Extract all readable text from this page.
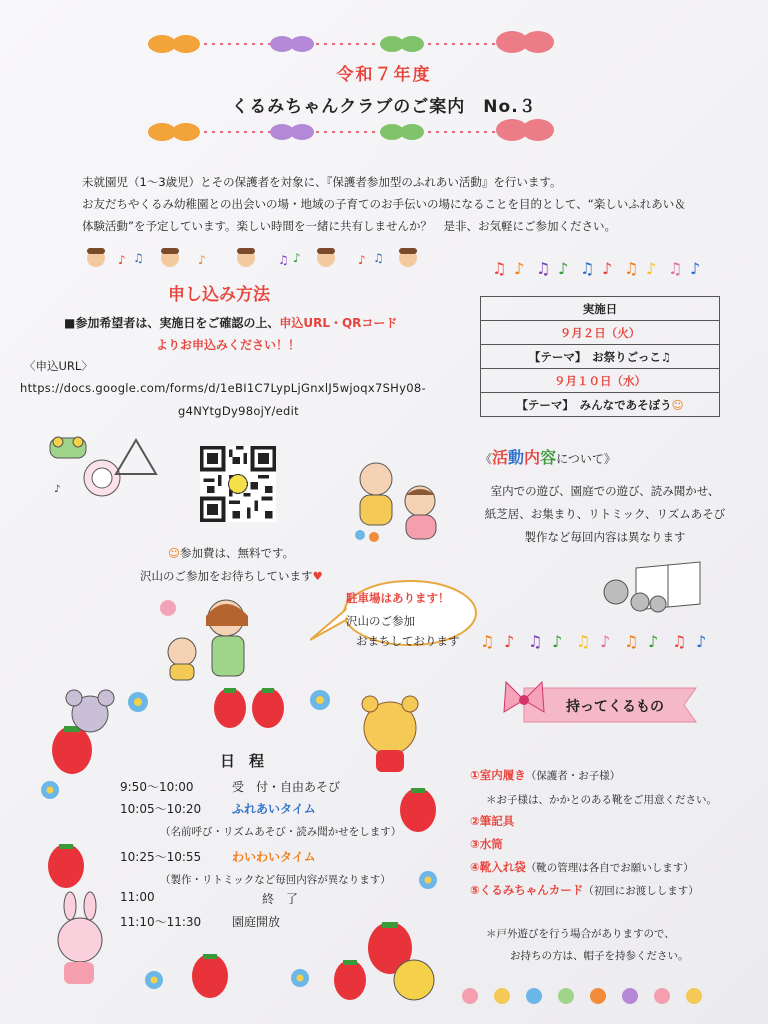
令和７年度
くるみちゃんクラブのご案内　No.３
未就園児（1～3歳児）とその保護者を対象に、『保護者参加型のふれあい活動』を行います。
お友だちやくるみ幼稚園との出会いの場・地域の子育てのお手伝いの場になることを目的として、“楽しいふれあい＆
体験活動”を予定しています。楽しい時間を一緒に共有しませんか？　是非、お気軽にご参加ください。
♪ ♫	♪	♫ ♪	♪ ♫
申し込み方法
■参加希望者は、実施日をご確認の上、申込URL・QRコード
よりお申込みください！！
〈申込URL〉
https://docs.google.com/forms/d/1eBI1C7LypLjGnxlJ5wjoqx7SHy08-
g4NYtgDy98ojY/edit
♪
☺参加費は、無料です。
沢山のご参加をお待ちしています♥
駐車場はあります！
沢山のご参加
おまちしております
♫ ♪ ♫ ♪ ♫ ♪ ♫ ♪ ♫ ♪
実施日
９月２日（火）
【テーマ】　お祭りごっこ♫
９月１０日（水）
【テーマ】　みんなであそぼう☺
《活動内容について》
室内での遊び、園庭での遊び、読み聞かせ、
紙芝居、お集まり、リトミック、リズムあそび
製作など毎回内容は異なります
♫ ♪ ♫ ♪ ♫ ♪ ♫ ♪ ♫ ♪
持ってくるもの
①室内履き（保護者・お子様）
②筆記具
③水筒
④靴入れ袋（靴の管理は各自でお願いします）
⑤くるみちゃんカード（初回にお渡しします）
＊お子様は、かかとのある靴をご用意ください。
＊戸外遊びを行う場合がありますので、
お持ちの方は、帽子を持参ください。
日程
9:50～10:00	受　付・自由あそび
10:05～10:20	ふれあいタイム
（名前呼び・リズムあそび・読み聞かせをします）
10:25～10:55	わいわいタイム
（製作・リトミックなど毎回内容が異なります）
11:00	終　了
11:10～11:30	園庭開放
